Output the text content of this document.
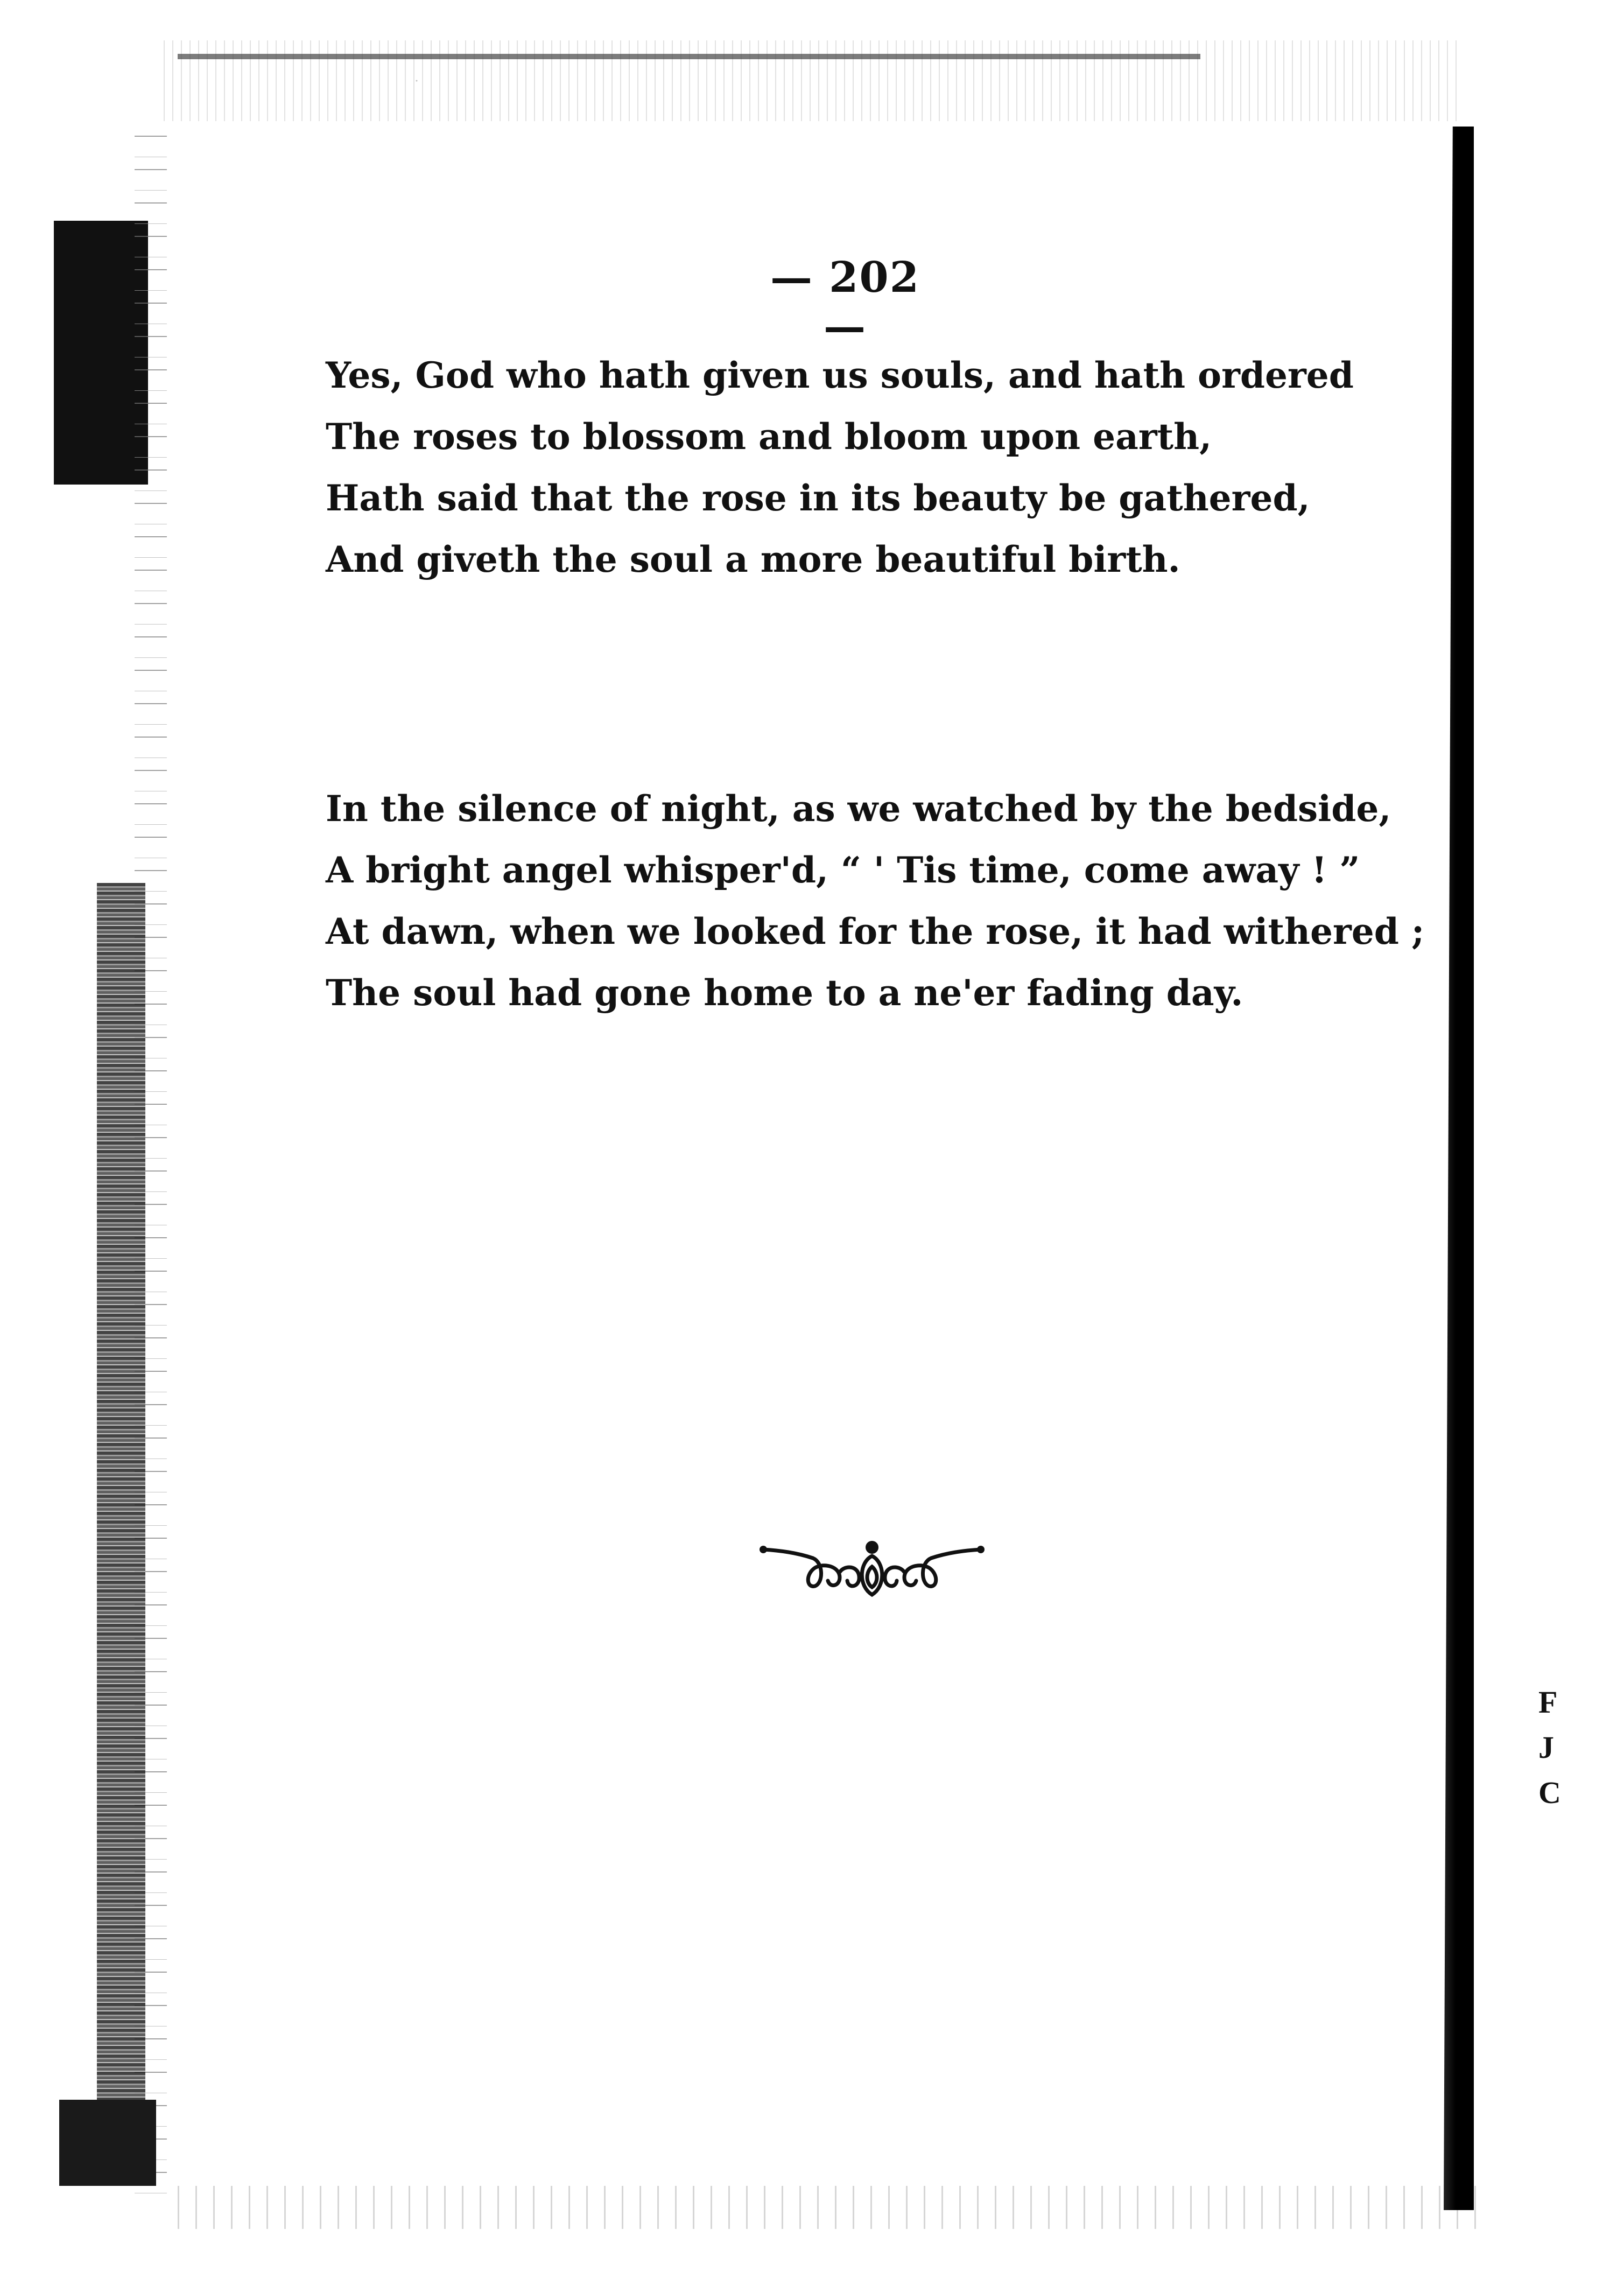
F
J
C
— 202 —
Yes, God who hath given us souls, and hath ordered
The roses to blossom and bloom upon earth,
Hath said that the rose in its beauty be gathered,
And giveth the soul a more beautiful birth.
In the silence of night, as we watched by the bedside,
A bright angel whisper'd, “ ' Tis time, come away ! ”
At dawn, when we looked for the rose, it had withered ;
The soul had gone home to a ne'er fading day.
